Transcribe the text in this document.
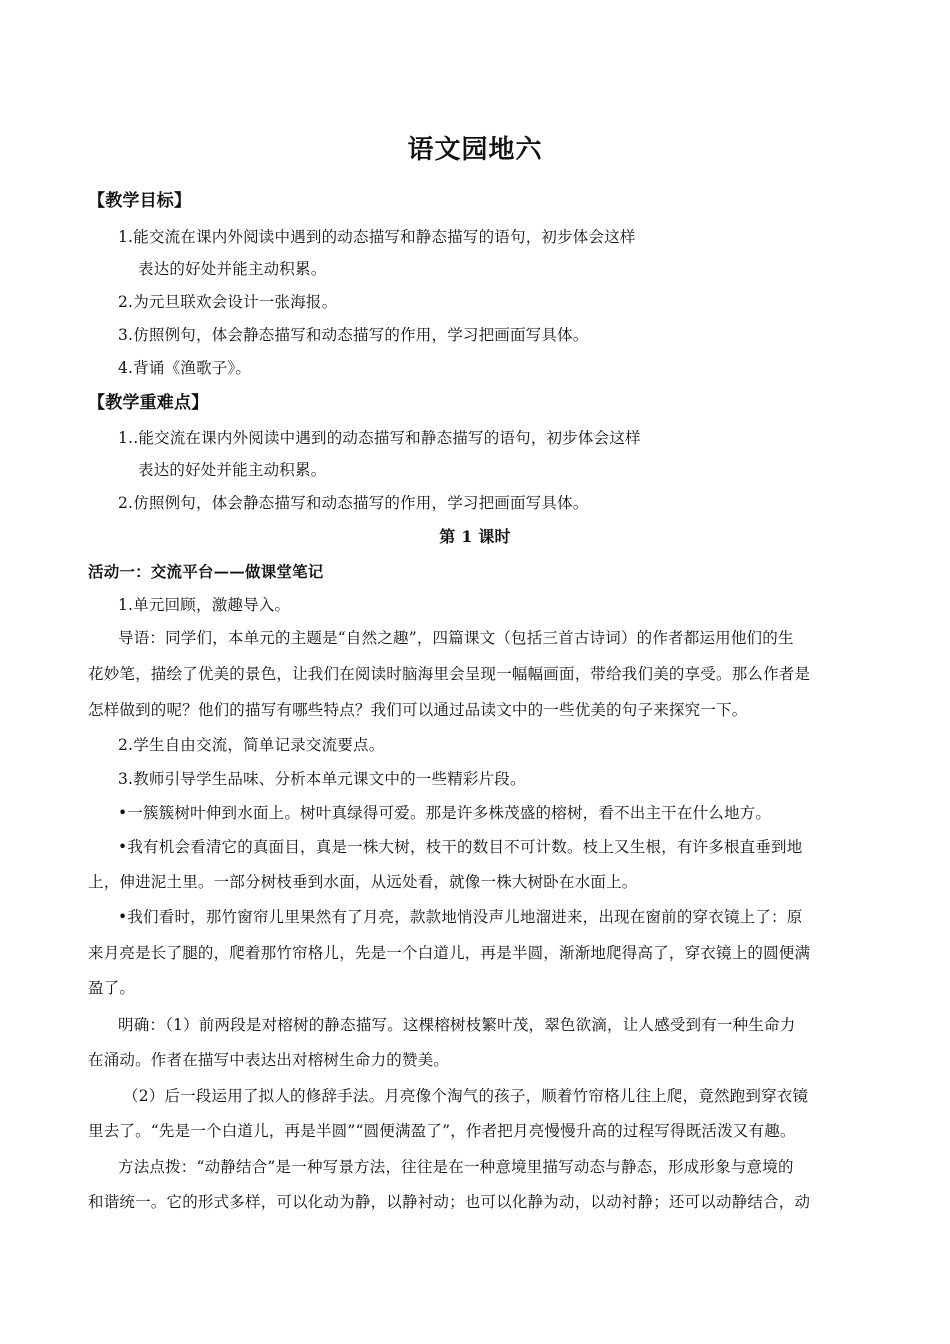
语文园地六
【教学目标】
1.能交流在课内外阅读中遇到的动态描写和静态描写的语句，初步体会这样
表达的好处并能主动积累。
2.为元旦联欢会设计一张海报。
3.仿照例句，体会静态描写和动态描写的作用，学习把画面写具体。
4.背诵《渔歌子》。
【教学重难点】
1..能交流在课内外阅读中遇到的动态描写和静态描写的语句，初步体会这样
表达的好处并能主动积累。
2.仿照例句，体会静态描写和动态描写的作用，学习把画面写具体。
第 1 课时
活动一：交流平台——做课堂笔记
1.单元回顾，激趣导入。
导语：同学们，本单元的主题是“自然之趣”，四篇课文（包括三首古诗词）的作者都运用他们的生
花妙笔，描绘了优美的景色，让我们在阅读时脑海里会呈现一幅幅画面，带给我们美的享受。那么作者是
怎样做到的呢？他们的描写有哪些特点？我们可以通过品读文中的一些优美的句子来探究一下。
2.学生自由交流，简单记录交流要点。
3.教师引导学生品味、分析本单元课文中的一些精彩片段。
•一簇簇树叶伸到水面上。树叶真绿得可爱。那是许多株茂盛的榕树，看不出主干在什么地方。
•我有机会看清它的真面目，真是一株大树，枝干的数目不可计数。枝上又生根，有许多根直垂到地
上，伸进泥土里。一部分树枝垂到水面，从远处看，就像一株大树卧在水面上。
•我们看时，那竹窗帘儿里果然有了月亮，款款地悄没声儿地溜进来，出现在窗前的穿衣镜上了：原
来月亮是长了腿的，爬着那竹帘格儿，先是一个白道儿，再是半圆，渐渐地爬得高了，穿衣镜上的圆便满
盈了。
明确：（1）前两段是对榕树的静态描写。这棵榕树枝繁叶茂，翠色欲滴，让人感受到有一种生命力
在涌动。作者在描写中表达出对榕树生命力的赞美。
（2）后一段运用了拟人的修辞手法。月亮像个淘气的孩子，顺着竹帘格儿往上爬，竟然跑到穿衣镜
里去了。“先是一个白道儿，再是半圆”“圆便满盈了”，作者把月亮慢慢升高的过程写得既活泼又有趣。
方法点拨：“动静结合”是一种写景方法，往往是在一种意境里描写动态与静态，形成形象与意境的
和谐统一。它的形式多样，可以化动为静，以静衬动；也可以化静为动，以动衬静；还可以动静结合，动
